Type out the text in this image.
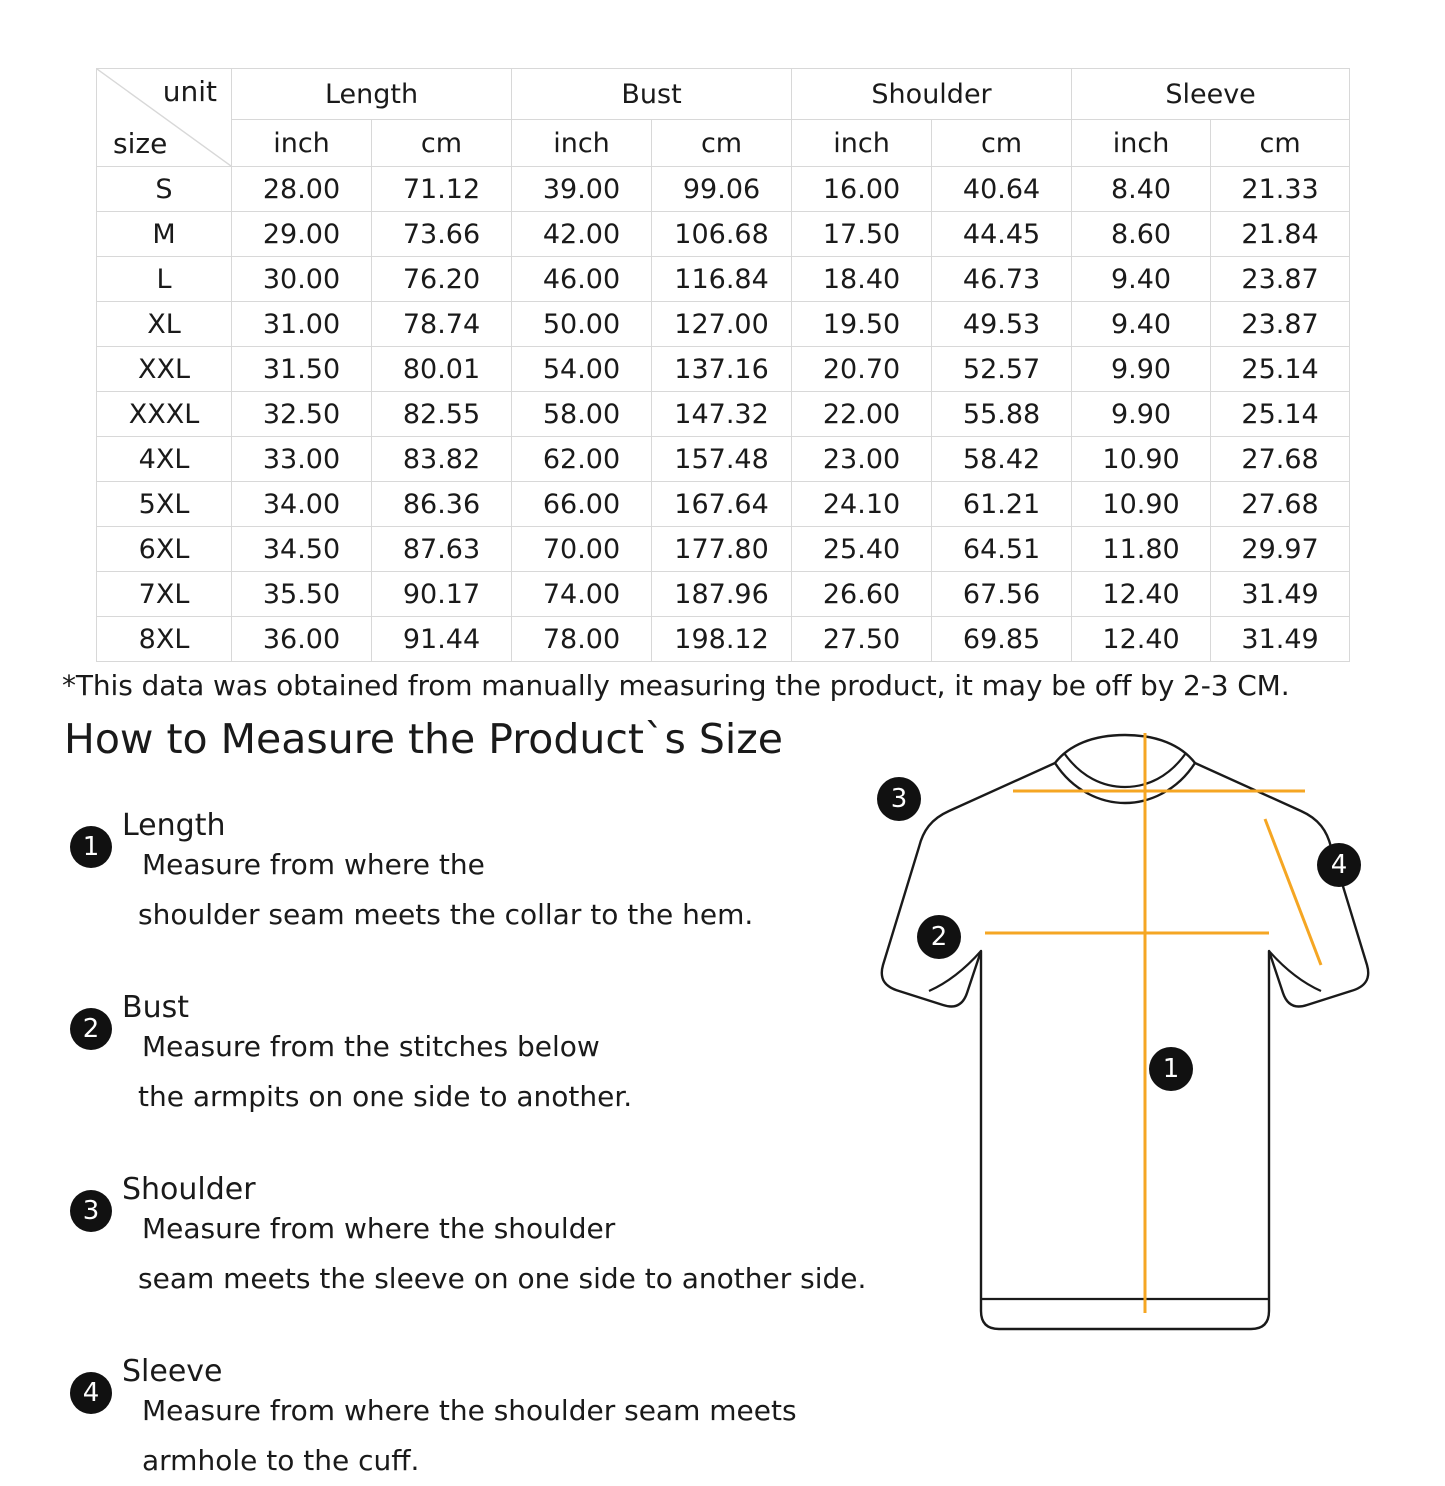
unit
size	Length		Bust		Shoulder		Sleeve	
	inch	cm	inch	cm	inch	cm	inch	cm
S	28.00	71.12	39.00	99.06	16.00	40.64	8.40	21.33
M	29.00	73.66	42.00	106.68	17.50	44.45	8.60	21.84
L	30.00	76.20	46.00	116.84	18.40	46.73	9.40	23.87
XL	31.00	78.74	50.00	127.00	19.50	49.53	9.40	23.87
XXL	31.50	80.01	54.00	137.16	20.70	52.57	9.90	25.14
XXXL	32.50	82.55	58.00	147.32	22.00	55.88	9.90	25.14
4XL	33.00	83.82	62.00	157.48	23.00	58.42	10.90	27.68
5XL	34.00	86.36	66.00	167.64	24.10	61.21	10.90	27.68
6XL	34.50	87.63	70.00	177.80	25.40	64.51	11.80	29.97
7XL	35.50	90.17	74.00	187.96	26.60	67.56	12.40	31.49
8XL	36.00	91.44	78.00	198.12	27.50	69.85	12.40	31.49
*This data was obtained from manually measuring the product, it may be off by 2-3 CM.
How to Measure the Product`s Size
1
Length
Measure from where the
shoulder seam meets the collar to the hem.
2
Bust
Measure from the stitches below
the armpits on one side to another.
3
Shoulder
Measure from where the shoulder
seam meets the sleeve on one side to another side.
4
Sleeve
Measure from where the shoulder seam meets armhole to the cuff.
3
4
2
1
